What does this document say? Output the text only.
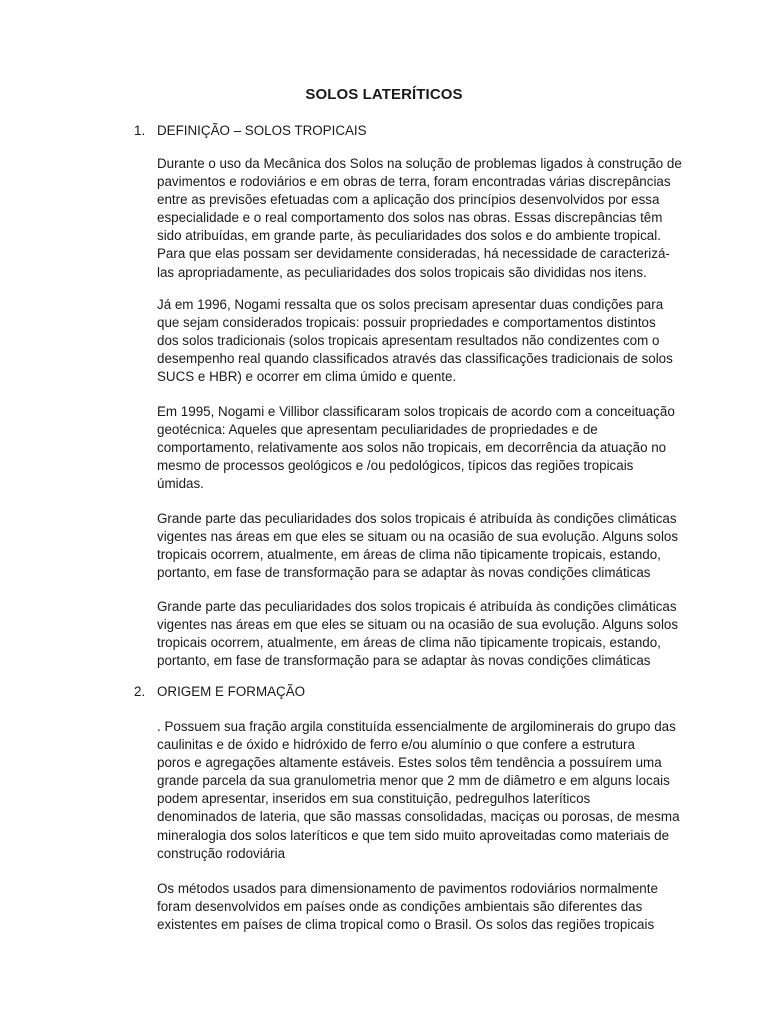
SOLOS LATERÍTICOS
1. DEFINIÇÃO – SOLOS TROPICAIS

Durante o uso da Mecânica dos Solos na solução de problemas ligados à construção de
pavimentos e rodoviários e em obras de terra, foram encontradas várias discrepâncias
entre as previsões efetuadas com a aplicação dos princípios desenvolvidos por essa
especialidade e o real comportamento dos solos nas obras. Essas discrepâncias têm
sido atribuídas, em grande parte, às peculiaridades dos solos e do ambiente tropical.
Para que elas possam ser devidamente consideradas, há necessidade de caracterizá-
las apropriadamente, as peculiaridades dos solos tropicais são divididas nos itens.

Já em 1996, Nogami ressalta que os solos precisam apresentar duas condições para
que sejam considerados tropicais: possuir propriedades e comportamentos distintos
dos solos tradicionais (solos tropicais apresentam resultados não condizentes com o
desempenho real quando classificados através das classificações tradicionais de solos
SUCS e HBR) e ocorrer em clima úmido e quente.

Em 1995, Nogami e Villibor classificaram solos tropicais de acordo com a conceituação
geotécnica: Aqueles que apresentam peculiaridades de propriedades e de
comportamento, relativamente aos solos não tropicais, em decorrência da atuação no
mesmo de processos geológicos e /ou pedológicos, típicos das regiões tropicais
úmidas.

Grande parte das peculiaridades dos solos tropicais é atribuída às condições climáticas
vigentes nas áreas em que eles se situam ou na ocasião de sua evolução. Alguns solos
tropicais ocorrem, atualmente, em áreas de clima não tipicamente tropicais, estando,
portanto, em fase de transformação para se adaptar às novas condições climáticas

Grande parte das peculiaridades dos solos tropicais é atribuída às condições climáticas
vigentes nas áreas em que eles se situam ou na ocasião de sua evolução. Alguns solos
tropicais ocorrem, atualmente, em áreas de clima não tipicamente tropicais, estando,
portanto, em fase de transformação para se adaptar às novas condições climáticas

2. ORIGEM E FORMAÇÃO

. Possuem sua fração argila constituída essencialmente de argilominerais do grupo das
caulinitas e de óxido e hidróxido de ferro e/ou alumínio o que confere a estrutura
poros e agregações altamente estáveis. Estes solos têm tendência a possuírem uma
grande parcela da sua granulometria menor que 2 mm de diâmetro e em alguns locais
podem apresentar, inseridos em sua constituição, pedregulhos lateríticos
denominados de lateria, que são massas consolidadas, maciças ou porosas, de mesma
mineralogia dos solos lateríticos e que tem sido muito aproveitadas como materiais de
construção rodoviária

Os métodos usados para dimensionamento de pavimentos rodoviários normalmente
foram desenvolvidos em países onde as condições ambientais são diferentes das
existentes em países de clima tropical como o Brasil. Os solos das regiões tropicais
